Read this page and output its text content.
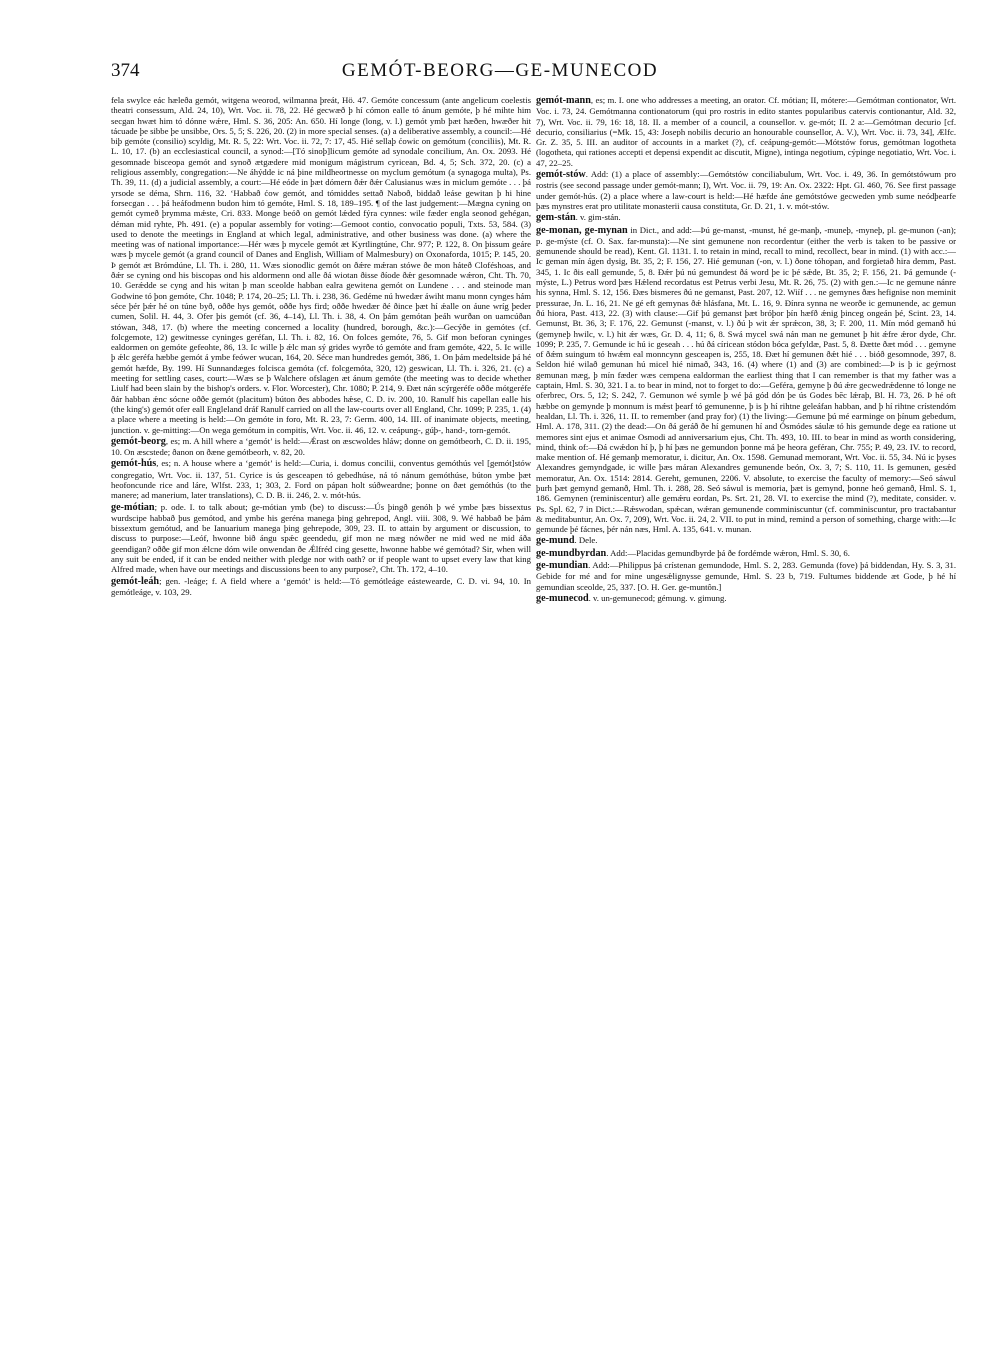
374	GEMÓT-BEORG—GE-MUNECOD

fela swylce eác hæleða gemót, witgena weorod, wilmanna þreát, Hö. 47. Gemóte concessum (ante angelicum coelestis theatri consessum, Ald. 24, 10), Wrt. Voc. ii. 78, 22. Hé gecwæð þ hí cómon ealle tó ánum gemóte, þ hé mihte him secgan hwæt him tó dónne wǽre, Hml. S. 36, 205: An. 650. Hí longe (long, v. l.) gemót ymb þæt hæðen, hwæðer hit tácuade þe sibbe þe unsibbe, Ors. 5, 5; S. 226, 20. (2) in more special senses. (a) a deliberative assembly, a council:—Hé biþ gemóte (consilio) scyldig, Mt. R. 5, 22: Wrt. Voc. ii. 72, 7: 17, 45. Hié sellaþ ćowic on gemótum (conciliis), Mt. R. L. 10, 17. (b) an ecclesiastical council, a synod:—[Tó sinoþ]licum gemóte ad synodale concilium, An. Ox. 2093. Hé gesomnade bisceopa gemót and synoð ætgædere mid monigum mágistrum cyricean, Bd. 4, 5; Sch. 372, 20. (c) a religious assembly, congregation:—Ne áhýdde ic ná þine mildheortnesse on myclum gemótum (a synagoga multa), Ps. Th. 39, 11. (d) a judicial assembly, a court:—Hé eóde in þæt dómern ðǽr ðǽr Calusianus wæs in miclum gemóte . . . þá yrsode se déma, Shrn. 116, 32. ‘Habbað ćow gemót, and tómiddes settað Naboð, biddað leáse gewitan þ hi hine forsecgan . . . þá heáfodmenn budon him tó gemóte, Hml. S. 18, 189–195. ¶ of the last judgement:—Mægna cyning on gemót cymeð þrymma mǽste, Cri. 833. Monge beóð on gemót lǽded fýra cynnes: wile fæder engla seonod gehégan, déman mid ryhte, Ph. 491. (e) a popular assembly for voting:—Gemoot contio, convocatio populi, Txts. 53, 584. (3) used to denote the meetings in England at which legal, administrative, and other business was done. (a) where the meeting was of national importance:—Hér wæs þ mycele gemót æt Kyrtlingtúne, Chr. 977; P. 122, 8. On þissum geáre wæs þ mycele gemót (a grand council of Danes and English, William of Malmesbury) on Oxonaforda, 1015; P. 145, 20. Þ gemót æt Brómdúne, Ll. Th. i. 280, 11. Wæs sionodlic gemót on ðǽre mǽran stówe ðe mon háteð Cloféshoas, and ðǽr se cyning ond his biscopas ond his aldormenn ond alle ðá wiotan ðisse ðíode ðǽr gesomnade wǽron, Cht. Th. 70, 10. Gerǽdde se cyng and his witan þ man sceolde habban ealra gewitena gemót on Lundene . . . and steinode man Godwine tó þon gemóte, Chr. 1048; P. 174, 20–25; Ll. Th. i. 238, 36. Gedéme nú hwedær áwiht manu monn cynges hám séce þér þǽr hé on túne byð, oððe hys gemót, oððe hys fird; oððe hwedær ðé ðince þæt hí ǽalle on áune wríg þeder cumen, Solil. H. 44, 3. Ofer þis gemót (cf. 36, 4–14), Ll. Th. i. 38, 4. On þám gemótan þeáh wurðan on uamcúðan stówan, 348, 17. (b) where the meeting concerned a locality (hundred, borough, &c.):—Gecýðe in gemótes (cf. folcgemote, 12) gewitnesse cyninges geréfan, Ll. Th. i. 82, 16. On folces gemóte, 76, 5. Gif mon beforan cyninges ealdormen on gemóte gefeohte, 86, 13. Ic wille þ ǽlc man sý gridеs wyrðe tó gemóte and fram gemóte, 422, 5. Ic wille þ ǽlc geréfa hæbbe gemót á ymbe feówer wucan, 164, 20. Séce man hundredes gemót, 386, 1. On þám medeltside þá hé gemót hæfde, By. 199. Hí Sunnandæges folcisca gemóta (cf. folcgemóta, 320, 12) geswican, Ll. Th. i. 326, 21. (c) a meeting for settling cases, court:—Wæs se þ Walchere ofslagen æt ánum gemóte (the meeting was to decide whether Liulf had been slain by the bishop's orders. v. Flor. Worcester), Chr. 1080; P. 214, 9. Ðæt nán scýrgeréfe oððe mótgeréfe ðár habban ǽnc sócne oððe gemót (placitum) búton ðes abbodes hǽse, C. D. iv. 200, 10. Ranulf his capellan ealle his (the king's) gemót ofer eall Engleland dráf Ranulf carried on all the law-courts over all England, Chr. 1099; P. 235, 1. (4) a place where a meeting is held:—On gemóte in foro, Mt. R. 23, 7: Germ. 400, 14. III. of inanimate objects, meeting, junction. v. ge-mitting:—On wega gemótum in compitis, Wrt. Voc. ii. 46, 12. v. ceápung-, gúþ-, hand-, torn-gemót.

gemót-beorg, es; m. A hill where a ‘gemót’ is held:—Ǽrast on æscwoldes hláw; donne on gemótbeorh, C. D. ii. 195, 10. On æscstede; ðanon on ðæne gemótbeorh, v. 82, 20.

gemót-hús, es; n. A house where a ‘gemót’ is held:—Curia, i. domus concilii, conventus gemóthús vel [gemót]stów congregatio, Wrt. Voc. ii. 137, 51. Cyrice is ús gesceapen tó gebedhúse, ná tó nánum gemóthúse, búton ymbe þæt heofoncunde rice and láre, Wlfst. 233, 1; 303, 2. Ford on pápan holt súðweardne; þonne on ðæt gemóthús (to the manere; ad manerium, later translations), C. D. B. ii. 246, 2. v. mót-hús.

ge-mótian; p. ode. I. to talk about; ge-mótian ymb (be) to discuss:—Ús þingð genóh þ wé ymbe þæs bissextus wurdscipe habbað þus gemótod, and ymbe his geréna manega þing gehrepod, Angl. viii. 308, 9. Wé habbað be þám bissextum gemótud, and be Ianuarium manega þing gehrepode, 309, 23. II. to attain by argument or discussion, to discuss to purpose:—Leóf, hwonne bið ángu spǽc geendedu, gif mon ne mæg nówðer ne mid wed ne mid áða geendigan? oððe gif mon ǽlcne dóm wile onwendan ðe Ǽlfréd cing gesette, hwonne habbe wé gemótad? Sir, when will any suit be ended, if it can be ended neither with pledge nor with oath? or if people want to upset every law that king Alfred made, when have our meetings and discussions been to any purpose?, Cht. Th. 172, 4–10.

gemót-leáh; gen. -leáge; f. A field where a ‘gemót’ is held:—Tó gemótleáge eástewearde, C. D. vi. 94, 10. In gemótleáge, v. 103, 29.

gemót-mann, es; m. I. one who addresses a meeting, an orator. Cf. mótian; II, mótere:—Gemótman contionator, Wrt. Voc. i. 73, 24. Gemótmanna contionatorum (qui pro rostris in edito stantes popularibus catervis contionantur, Ald. 32, 7), Wrt. Voc. ii. 79, 16: 18, 18. II. a member of a council, a counsellor. v. ge-mót; II. 2 a:—Gemótman decurio [cf. decurio, consiliarius (=Mk. 15, 43: Joseph nobilis decurio an honourable counsellor, A. V.), Wrt. Voc. ii. 73, 34], Ælfc. Gr. Z. 35, 5. III. an auditor of accounts in a market (?), cf. ceápung-gemót:—Mótstów forus, gemótman logotheta (logotheta, qui rationes accepti et depensi expendit ac discutit, Migne), intinga negotium, cýpinge negotiatio, Wrt. Voc. i. 47, 22–25.

gemót-stów. Add: (1) a place of assembly:—Gemótstów conciliabulum, Wrt. Voc. i. 49, 36. In gemótstówum pro rostris (see second passage under gemót-mann; I), Wrt. Voc. ii. 79, 19: An. Ox. 2322: Hpt. Gl. 460, 76. See first passage under gemót-hús. (2) a place where a law-court is held:—Hé hæfde áne gemótstówe gecweden ymb sume neódþearfe þæs mynstres erat pro utilitate monasterii causa constituta, Gr. D. 21, 1. v. mót-stów.

gem-stán. v. gim-stán.

ge-monan, ge-mynan in Dict., and add:—Þú ge-manst, -munst, hé ge-manþ, -munеþ, -myneþ, pl. ge-munon (-an); p. ge-mýste (cf. O. Sax. far-munsta):—Ne sint gemunene non recordentur (either the verb is taken to be passive or gemunende should be read), Kent. Gl. 1131. I. to retain in mind, recall to mind, recollect, bear in mind. (1) with acc.:—Ic geman mín ágen dysig, Bt. 35, 2; F. 156, 27. Hié gemunan (-on, v. l.) ðone tóhopan, and forgietað hira demm, Past. 345, 1. Ic ðis eall gemunde, 5, 8. Ðǽr þú nú gemundest ðá word þe ic þé sǽde, Bt. 35, 2; F. 156, 21. Þá gemunde (-mýste, L.) Petrus word þæs Hǽlend recordatus est Petrus verbi Jesu, Mt. R. 26, 75. (2) with gen.:—Ic ne gemune nánre his synna, Hml. S. 12, 156. Ðæs bismeres ðú ne gemanst, Past. 207, 12. Wiíf . . . ne gemynes ðæs hefignise non meminit pressurae, Jn. L. 16, 21. Ne gé eft gemynas ðǽ hlásfana, Mt. L. 16, 9. Ðínra synna ne weorðe ic gemunende, ac gemun ðú hiora, Past. 413, 22. (3) with clause:—Gif þú gemanst þæt bróþor þín hæfð ǽnig þinceg ongeán þé, Scint. 23, 14. Gemunst, Bt. 36, 3; F. 176, 22. Gemunst (-manst, v. l.) ðú þ wit ǽr sprǽcon, 38, 3; F. 200, 11. Mín mód gemanð hú (gemyneþ hwilc, v. l.) hit ǽr wæs, Gr. D. 4, 11; 6, 8. Swá mycel swá nán man ne gemunet þ hit ǽfre ǽror dyde, Chr. 1099; P. 235, 7. Gemunde ic hú ic geseah . . . hú ðá círicean stódon bóca gefyldæ, Past. 5, 8. Ðætte ðæt mód . . . gemyne of ðǽm suingum tó hwǽm eal monncynn gesceapen is, 255, 18. Ðæt hí gemunen ðǽt hié . . . bióð gesomnode, 397, 8. Seldon hié wilað gemunan hú micel hié nimað, 343, 16. (4) where (1) and (3) are combined:—Þ is þ ic geýrnost gemunan mæg, þ mín fæder wæs cempena ealdorman the earliest thing that I can remember is that my father was a captain, Hml. S. 30, 321. I a. to bear in mind, not to forget to do:—Geféra, gemyne þ ðú ǽre gecwedrǽdenne tó longe ne oferbrec, Ors. 5, 12; S. 242, 7. Gemunon wé symle þ wé þá gód dón þe ús Godes bēc lǽraþ, Bl. H. 73, 26. Þ hé oft hæbbe on gemynde þ monnum is mǽst þearf tó gemunenne, þ is þ hí rihtne geleáfan habban, and þ hí rihtne crístendóm healdan, Ll. Th. i. 326, 11. II. to remember (and pray for) (1) the living:—Gemune þú mé earminge on þínum gebedum, Hml. A. 178, 311. (2) the dead:—On ðá geráð ðe hí gemunen hí and Ósmódes sáulæ tó his gemunde dege ea ratione ut memores sint ejus et animae Osmodi ad anniversarium ejus, Cht. Th. 493, 10. III. to bear in mind as worth considering, mind, think of:—Ðá cwǽdon hí þ, þ hí þæs ne gemundon þonne má þe heora geféran, Chr. 755; P. 49, 23. IV. to record, make mention of. Hé gemanþ memoratur, i. dicitur, An. Ox. 1598. Gemunad memorant, Wrt. Voc. ii. 55, 34. Nú ic þyses Alexandres gemyndgade, ic wille þæs máran Alexandres gemunende beón, Ox. 3, 7; S. 110, 11. Is gemunen, gesǽd memoratur, An. Ox. 1514: 2814. Gereht, gemunen, 2206. V. absolute, to exercise the faculty of memory:—Seó sáwul þurh þæt gemynd gemanð, Hml. Th. i. 288, 28. Seó sáwul is memoria, þæt is gemynd, þonne heó gemanð, Hml. S. 1, 186. Gemynen (reminiscentur) alle gemǽru eordan, Ps. Srt. 21, 28. VI. to exercise the mind (?), meditate, consider. v. Ps. Spl. 62, 7 in Dict.:—Rǽswodan, spǽcan, wǽran gemunende comminiscuntur (cf. comminiscuntur, pro tractabantur & meditabuntur, An. Ox. 7, 209), Wrt. Voc. ii. 24, 2. VII. to put in mind, remind a person of something, charge with:—Ic gemunde þé fácnes, þér nán næs, Hml. A. 135, 641. v. munan.

ge-mund. Dele.

ge-mundbyrdan. Add:—Placidas gemundbyrde þá ðe fordémde wǽron, Hml. S. 30, 6.

ge-mundian. Add:—Philippus þá crístenan gemundode, Hml. S. 2, 283. Gemunda (fove) þá biddendan, Hy. S. 3, 31. Gebide for mé and for mine ungesǽlignysse gemunde, Hml. S. 23 b, 719. Fultumes biddende æt Gode, þ hé hí gemundian sceolde, 25, 337. [O. H. Ger. ge-muntôn.]

ge-munecod. v. un-gemunecod; gémung. v. gimung.
